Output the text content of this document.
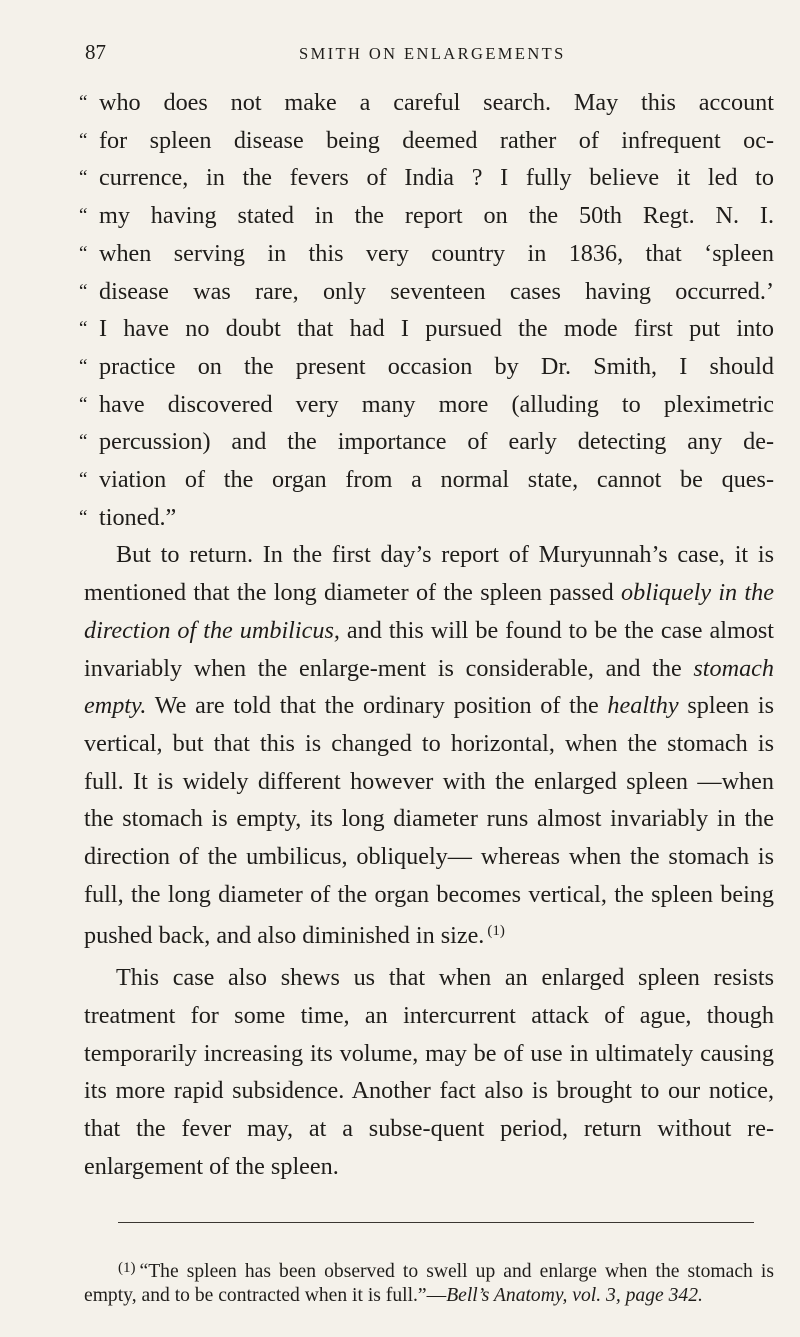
87	SMITH ON ENLARGEMENTS
“ who does not make a careful search. May this account
“ for spleen disease being deemed rather of infrequent oc-
“ currence, in the fevers of India ? I fully believe it led to
“ my having stated in the report on the 50th Regt. N. I.
“ when serving in this very country in 1836, that ‘spleen
“ disease was rare, only seventeen cases having occurred.’
“ I have no doubt that had I pursued the mode first put into
“ practice on the present occasion by Dr. Smith, I should
“ have discovered very many more (alluding to pleximetric
“ percussion) and the importance of early detecting any de-
“ viation of the organ from a normal state, cannot be ques-
“ tioned.”

But to return. In the first day’s report of Muryunnah’s case, it is mentioned that the long diameter of the spleen passed obliquely in the direction of the umbilicus, and this will be found to be the case almost invariably when the enlarge-ment is considerable, and the stomach empty. We are told that the ordinary position of the healthy spleen is vertical, but that this is changed to horizontal, when the stomach is full. It is widely different however with the enlarged spleen —when the stomach is empty, its long diameter runs almost invariably in the direction of the umbilicus, obliquely— whereas when the stomach is full, the long diameter of the organ becomes vertical, the spleen being pushed back, and also diminished in size. $^{(1)}$

This case also shews us that when an enlarged spleen resists treatment for some time, an intercurrent attack of ague, though temporarily increasing its volume, may be of use in ultimately causing its more rapid subsidence. Another fact also is brought to our notice, that the fever may, at a subse-quent period, return without re-enlargement of the spleen.

$^{(1)}$ “The spleen has been observed to swell up and enlarge when the stomach is empty, and to be contracted when it is full.”—Bell’s Anatomy, vol. 3, page 342.
